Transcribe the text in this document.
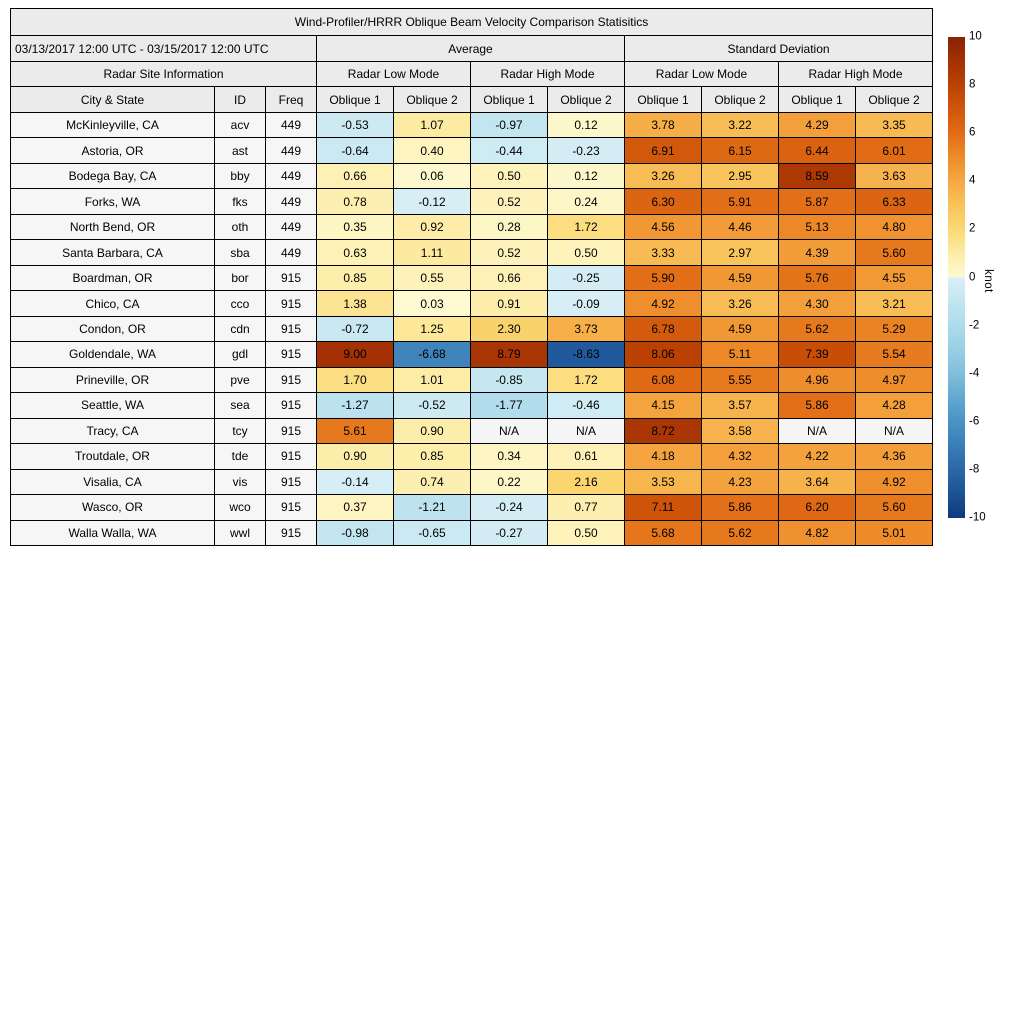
Wind-Profiler/HRRR Oblique Beam Velocity Comparison Statisitics										
03/13/2017 12:00 UTC - 03/15/2017 12:00 UTC			Average				Standard Deviation			
Radar Site Information			Radar Low Mode		Radar High Mode		Radar Low Mode		Radar High Mode	
City & State	ID	Freq	Oblique 1	Oblique 2	Oblique 1	Oblique 2	Oblique 1	Oblique 2	Oblique 1	Oblique 2
McKinleyville, CA	acv	449	-0.53	1.07	-0.97	0.12	3.78	3.22	4.29	3.35
Astoria, OR	ast	449	-0.64	0.40	-0.44	-0.23	6.91	6.15	6.44	6.01
Bodega Bay, CA	bby	449	0.66	0.06	0.50	0.12	3.26	2.95	8.59	3.63
Forks, WA	fks	449	0.78	-0.12	0.52	0.24	6.30	5.91	5.87	6.33
North Bend, OR	oth	449	0.35	0.92	0.28	1.72	4.56	4.46	5.13	4.80
Santa Barbara, CA	sba	449	0.63	1.11	0.52	0.50	3.33	2.97	4.39	5.60
Boardman, OR	bor	915	0.85	0.55	0.66	-0.25	5.90	4.59	5.76	4.55
Chico, CA	cco	915	1.38	0.03	0.91	-0.09	4.92	3.26	4.30	3.21
Condon, OR	cdn	915	-0.72	1.25	2.30	3.73	6.78	4.59	5.62	5.29
Goldendale, WA	gdl	915	9.00	-6.68	8.79	-8.63	8.06	5.11	7.39	5.54
Prineville, OR	pve	915	1.70	1.01	-0.85	1.72	6.08	5.55	4.96	4.97
Seattle, WA	sea	915	-1.27	-0.52	-1.77	-0.46	4.15	3.57	5.86	4.28
Tracy, CA	tcy	915	5.61	0.90	N/A	N/A	8.72	3.58	N/A	N/A
Troutdale, OR	tde	915	0.90	0.85	0.34	0.61	4.18	4.32	4.22	4.36
Visalia, CA	vis	915	-0.14	0.74	0.22	2.16	3.53	4.23	3.64	4.92
Wasco, OR	wco	915	0.37	-1.21	-0.24	0.77	7.11	5.86	6.20	5.60
Walla Walla, WA	wwl	915	-0.98	-0.65	-0.27	0.50	5.68	5.62	4.82	5.01
knot
10
8
6
4
2
0
-2
-4
-6
-8
-10
